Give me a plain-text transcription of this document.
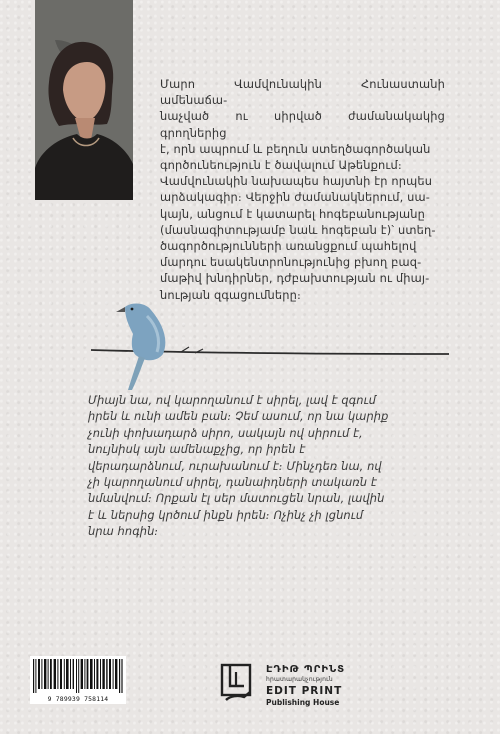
Մարո Վամվունակին Հունաստանի ամենաճա-
նաչված ու սիրված ժամանակակից գրողներից
է, որն ապրում և բեղուն ստեղծագործական
գործունեություն է ծավալում Աթենքում։
Վամվունակին նախապես հայտնի էր որպես
արձակագիր։ Վերջին ժամանակներում, սա-
կայն, անցում է կատարել hոգեբանությանը
(մասնագիտությամբ նաև hոգեբան է)՝ ստեղ-
ծագործությունների առանցքում պահելով
մարդու եսակենտրոնությունից բխող բազ-
մաթիվ խնդիրներ, դժբախտության ու միայ-
նության զգացումները։

Միայն նա, ով կարողանում է սիրել, լավ է զգում
իրեն և ունի ամեն բան։ Չեմ ասում, որ նա կարիք
չունի փոխադարձ սիրո, սակայն ով սիրում է,
նույնիսկ այն ամենաքչից, որ իրեն է
վերադարձնում, ուրախանում է։ Մինչդեռ նա, ով
չի կարողանում սիրել, դանաիդների տակառն է
նմանվում։ Որքան էլ սեր մատուցեն նրան, լավին
է և ներսից կրծում ինքն իրեն։ Ոչինչ չի լցնում
նրա հոգին։

9 789939 758114
ԷԴԻԹ ՊՐԻՆՏ
հրատարակչություն
EDIT PRINT
Publishing House
